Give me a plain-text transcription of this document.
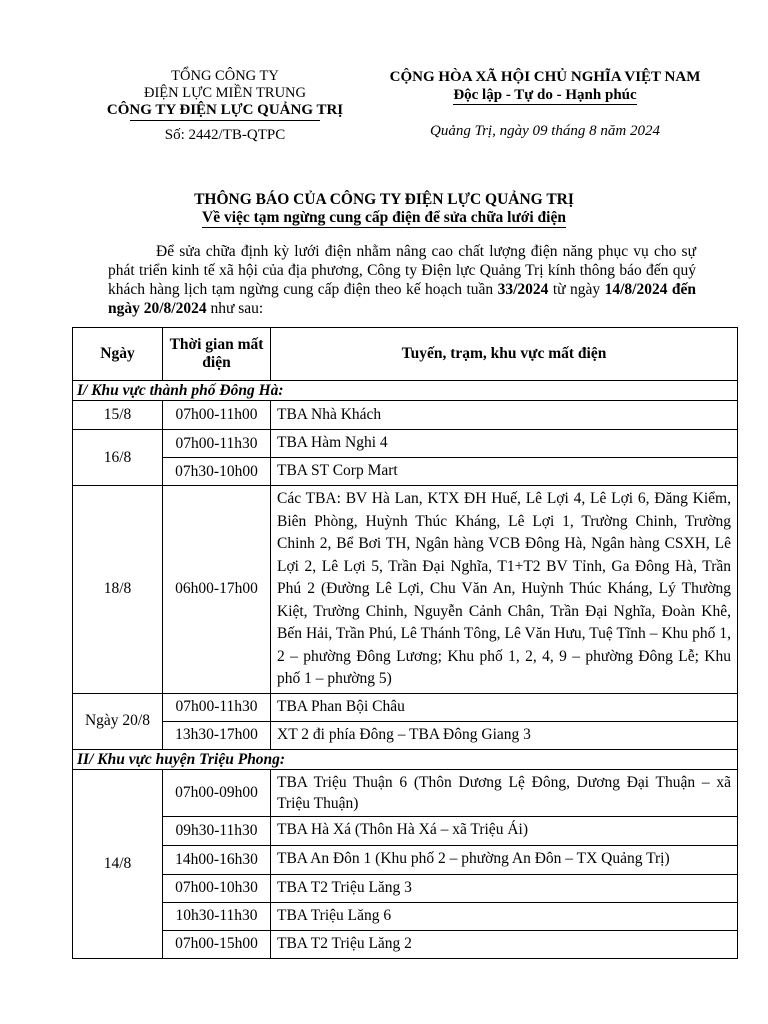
TỔNG CÔNG TY
ĐIỆN LỰC MIỀN TRUNG
CÔNG TY ĐIỆN LỰC QUẢNG TRỊ
Số: 2442/TB-QTPC
CỘNG HÒA XÃ HỘI CHỦ NGHĨA VIỆT NAM
Độc lập - Tự do - Hạnh phúc
Quảng Trị, ngày 09 tháng 8 năm 2024
THÔNG BÁO CỦA CÔNG TY ĐIỆN LỰC QUẢNG TRỊ
Về việc tạm ngừng cung cấp điện để sửa chữa lưới điện

Để sửa chữa định kỳ lưới điện nhằm nâng cao chất lượng điện năng phục vụ cho sự phát triển kinh tế xã hội của địa phương, Công ty Điện lực Quảng Trị kính thông báo đến quý khách hàng lịch tạm ngừng cung cấp điện theo kế hoạch tuần 33/2024 từ ngày 14/8/2024 đến ngày 20/8/2024 như sau:

Ngày	Thời gian mất điện	Tuyến, trạm, khu vực mất điện
I/ Khu vực thành phố Đông Hà:		
15/8	07h00-11h00	TBA Nhà Khách
16/8	07h00-11h30	TBA Hàm Nghi 4
	07h30-10h00	TBA ST Corp Mart
18/8	06h00-17h00	Các TBA: BV Hà Lan, KTX ĐH Huế, Lê Lợi 4, Lê Lợi 6, Đăng Kiểm, Biên Phòng, Huỳnh Thúc Kháng, Lê Lợi 1, Trường Chinh, Trường Chinh 2, Bể Bơi TH, Ngân hàng VCB Đông Hà, Ngân hàng CSXH, Lê Lợi 2, Lê Lợi 5, Trần Đại Nghĩa, T1+T2 BV Tỉnh, Ga Đông Hà, Trần Phú 2 (Đường Lê Lợi, Chu Văn An, Huỳnh Thúc Kháng, Lý Thường Kiệt, Trường Chinh, Nguyễn Cảnh Chân, Trần Đại Nghĩa, Đoàn Khê, Bến Hải, Trần Phú, Lê Thánh Tông, Lê Văn Hưu, Tuệ Tĩnh – Khu phố 1, 2 – phường Đông Lương; Khu phố 1, 2, 4, 9 – phường Đông Lễ; Khu phố 1 – phường 5)
Ngày 20/8	07h00-11h30	TBA Phan Bội Châu
	13h30-17h00	XT 2 đi phía Đông – TBA Đông Giang 3
II/ Khu vực huyện Triệu Phong:		
14/8	07h00-09h00	TBA Triệu Thuận 6 (Thôn Dương Lệ Đông, Dương Đại Thuận – xã Triệu Thuận)
	09h30-11h30	TBA Hà Xá (Thôn Hà Xá – xã Triệu Ái)
	14h00-16h30	TBA An Đôn 1 (Khu phố 2 – phường An Đôn – TX Quảng Trị)
	07h00-10h30	TBA T2 Triệu Lăng 3
	10h30-11h30	TBA Triệu Lăng 6
	07h00-15h00	TBA T2 Triệu Lăng 2
